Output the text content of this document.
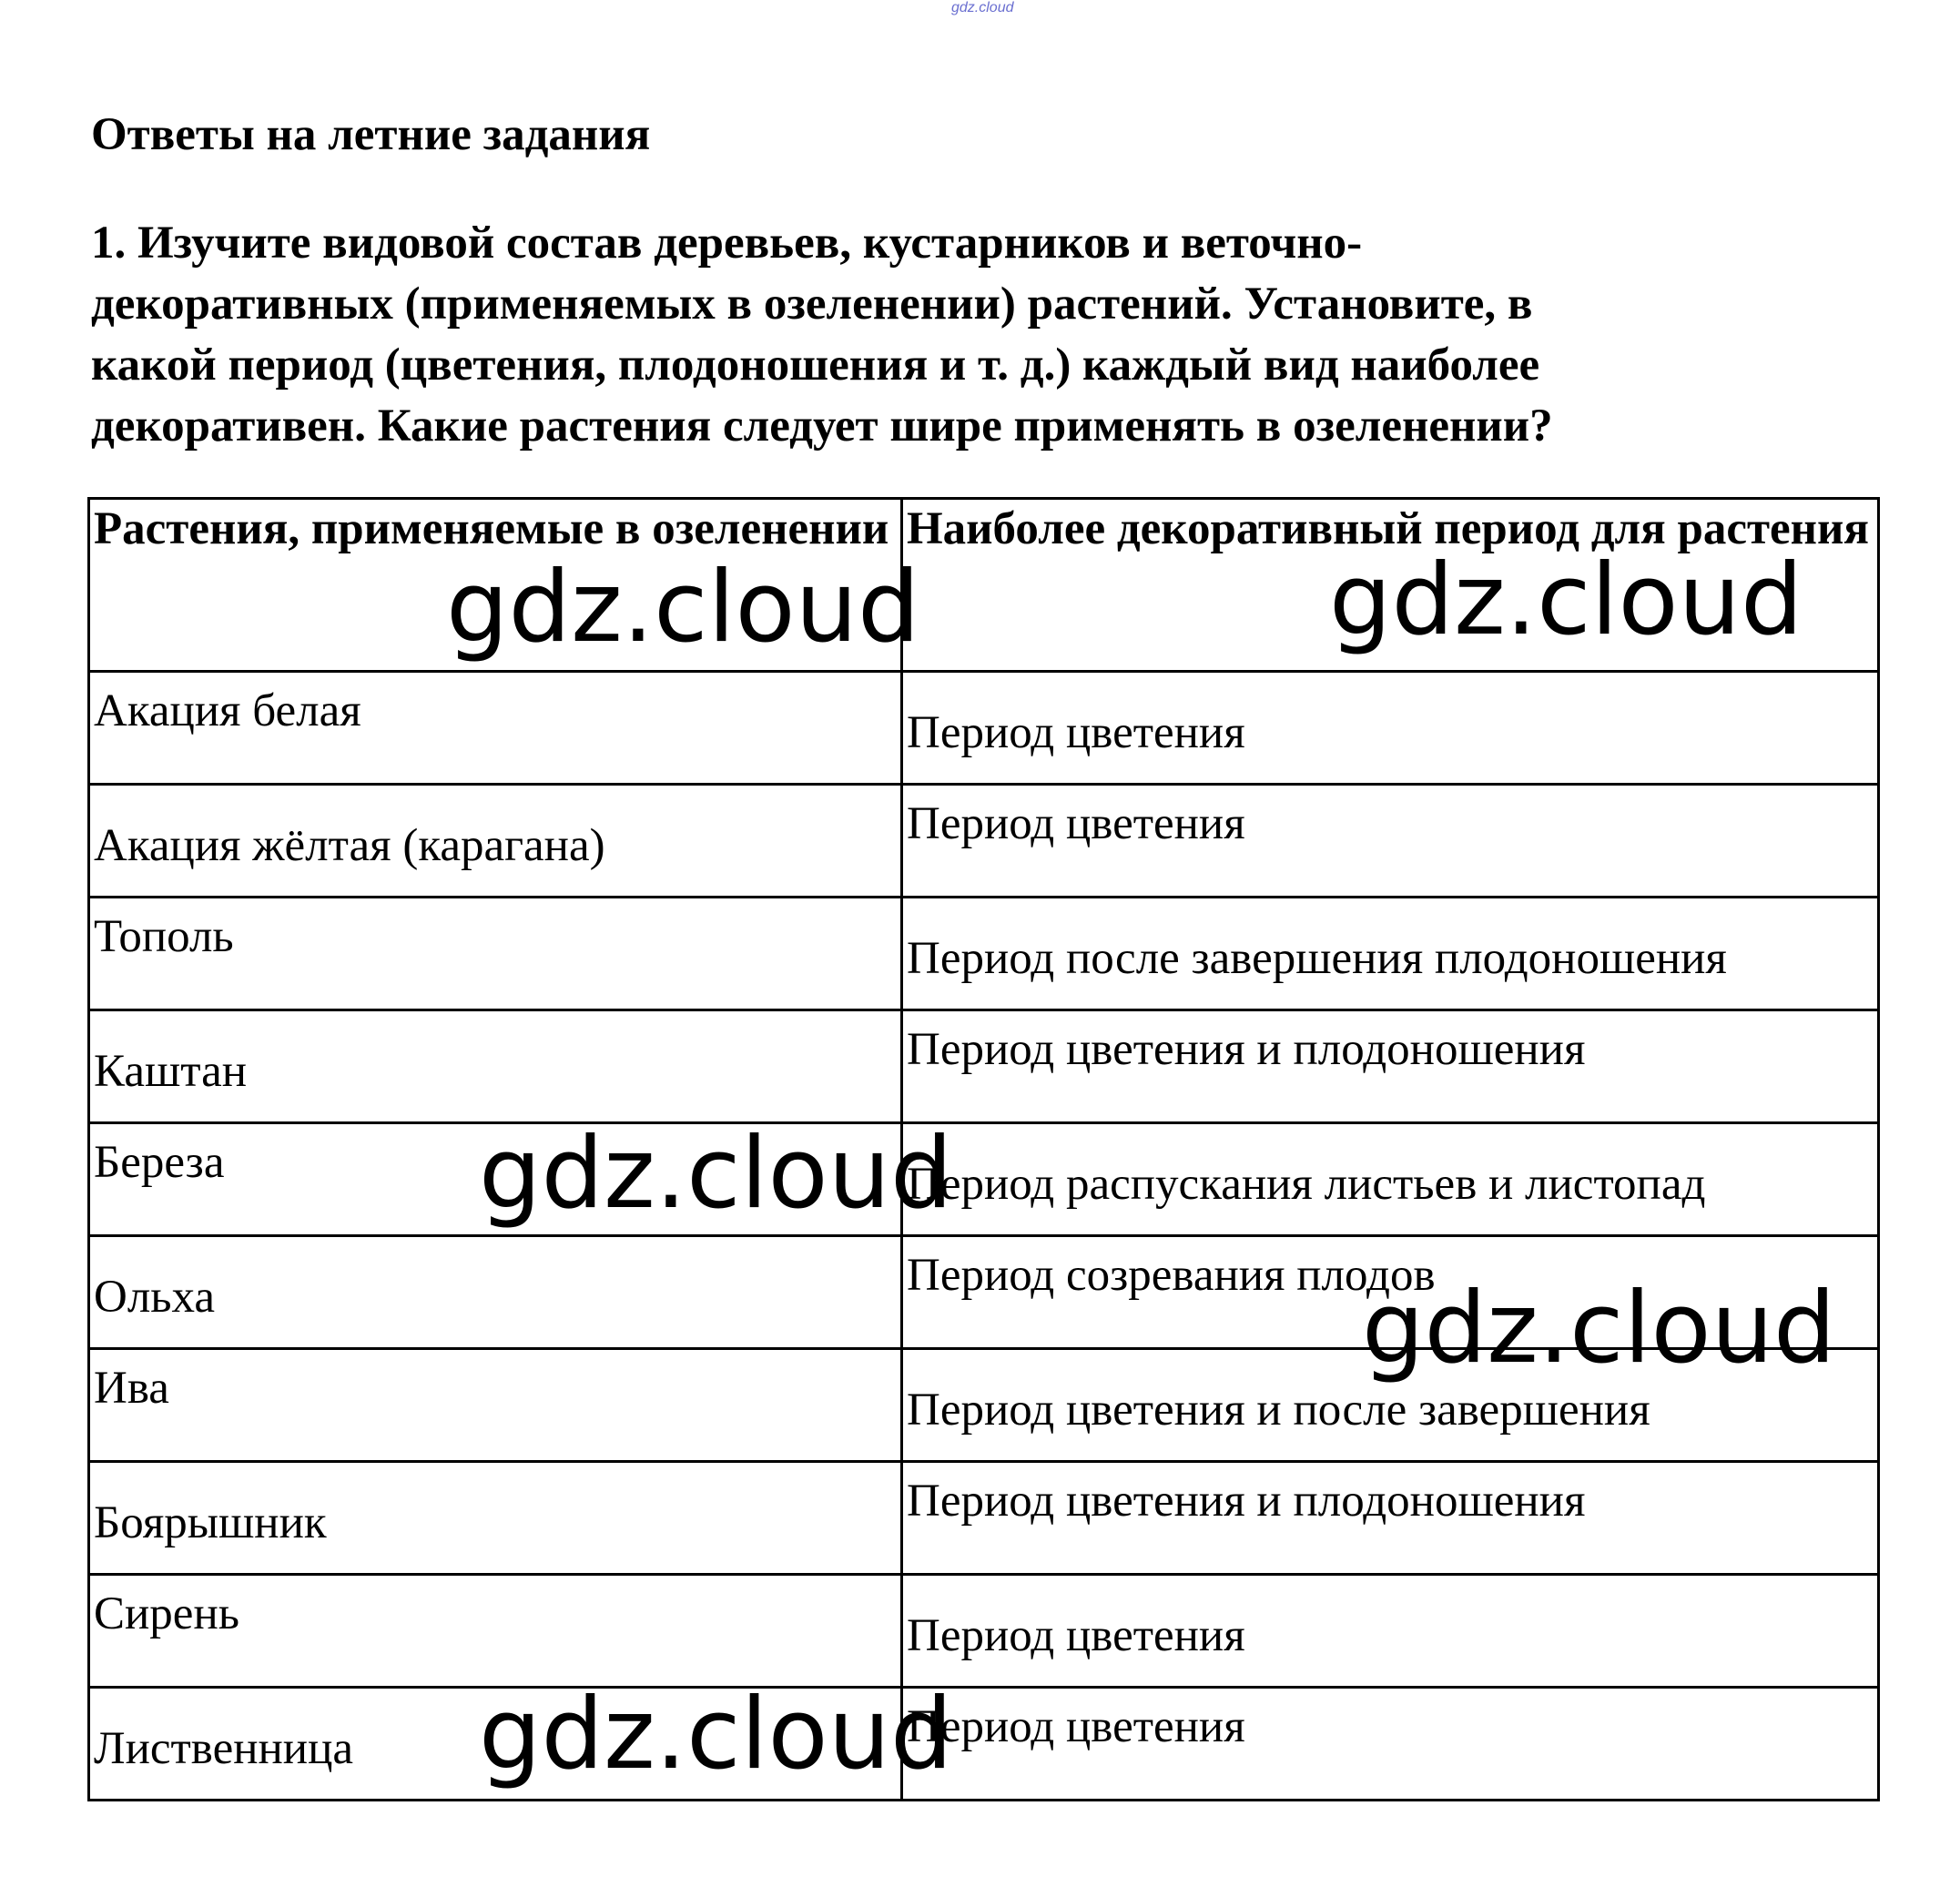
gdz.cloud
Ответы на летние задания

1. Изучите видовой состав деревьев, кустарников и веточно-
декоративных (применяемых в озеленении) растений. Установите, в
какой период (цветения, плодоношения и т. д.) каждый вид наиболее
декоративен. Какие растения следует шире применять в озеленении?

Растения, применяемые в озеленении	Наиболее декоративный период для растения

Акация белая	Период цветения

Акация жёлтая (карагана)	Период цветения

Тополь	Период после завершения плодоношения

Каштан	Период цветения и плодоношения

Береза	Период распускания листьев и листопад

Ольха	Период созревания плодов

Ива	Период цветения и после завершения

Боярышник	Период цветения и плодоношения

Сирень	Период цветения

Лиственница	Период цветения
gdz.cloud	gdz.cloud
gdz.cloud
gdz.cloud
gdz.cloud
